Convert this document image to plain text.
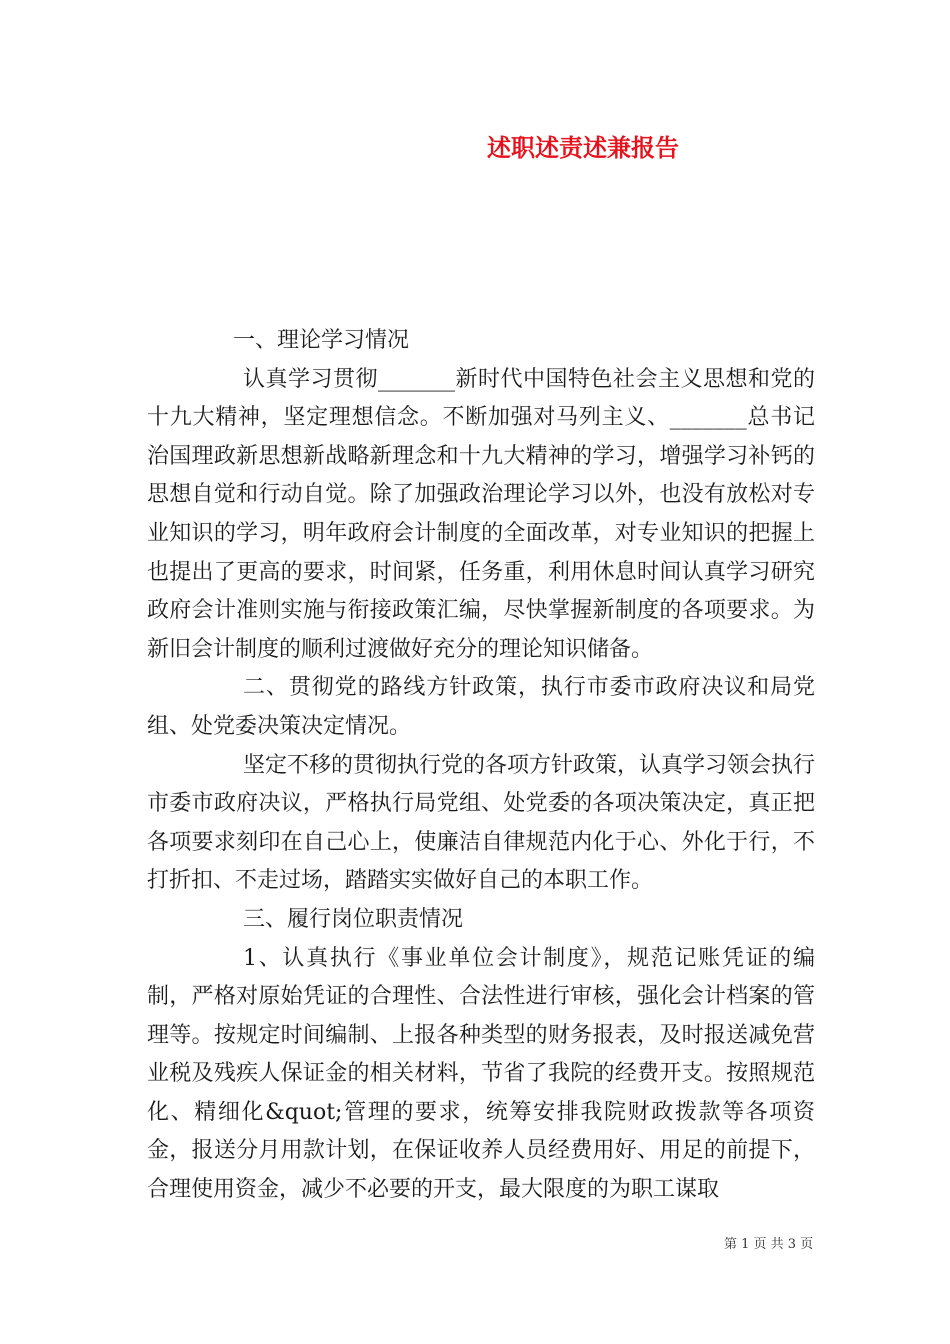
述职述责述兼报告

一、理论学习情况

认真学习贯彻_______新时代中国特色社会主义思想和党的十九大精神，坚定理想信念。不断加强对马列主义、_______总书记治国理政新思想新战略新理念和十九大精神的学习，增强学习补钙的思想自觉和行动自觉。除了加强政治理论学习以外，也没有放松对专业知识的学习，明年政府会计制度的全面改革，对专业知识的把握上也提出了更高的要求，时间紧，任务重，利用休息时间认真学习研究政府会计准则实施与衔接政策汇编，尽快掌握新制度的各项要求。为新旧会计制度的顺利过渡做好充分的理论知识储备。

二、贯彻党的路线方针政策，执行市委市政府决议和局党组、处党委决策决定情况。

坚定不移的贯彻执行党的各项方针政策，认真学习领会执行市委市政府决议，严格执行局党组、处党委的各项决策决定，真正把各项要求刻印在自己心上，使廉洁自律规范内化于心、外化于行，不打折扣、不走过场，踏踏实实做好自己的本职工作。

三、履行岗位职责情况

1、认真执行《事业单位会计制度》，规范记账凭证的编制，严格对原始凭证的合理性、合法性进行审核，强化会计档案的管理等。按规定时间编制、上报各种类型的财务报表，及时报送减免营业税及残疾人保证金的相关材料，节省了我院的经费开支。按照规范化、精细化&quot;管理的要求，统筹安排我院财政拨款等各项资金，报送分月用款计划，在保证收养人员经费用好、用足的前提下，合理使用资金，减少不必要的开支，最大限度的为职工谋取

第 1 页 共 3 页
